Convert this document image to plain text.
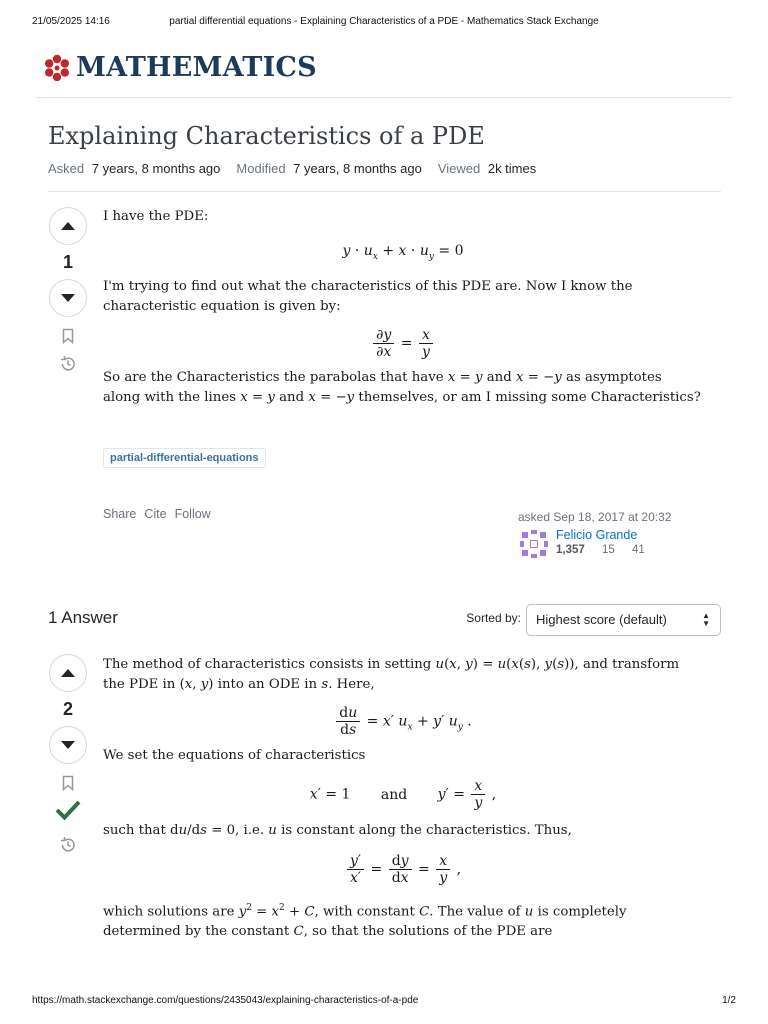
21/05/2025 14:16	partial differential equations - Explaining Characteristics of a PDE - Mathematics Stack Exchange
MATHEMATICS
Explaining Characteristics of a PDE
Asked 7 years, 8 months ago Modified 7 years, 8 months ago Viewed 2k times
1

I have the PDE:

$y \cdot u_x + x \cdot u_y = 0$

I'm trying to find out what the characteristics of this PDE are. Now I know the characteristic equation is given by:

$\frac{\partial y}{\partial x} = \frac{x}{y}$

So are the Characteristics the parabolas that have x = y and x = −y as asymptotes along with the lines x = y and x = −y themselves, or am I missing some Characteristics?

partial-differential-equations
Share Cite Follow	asked Sep 18, 2017 at 20:32
Felicio Grande
1,357 15 41
1 Answer	Sorted by:	Highest score (default)	▲
▼
2

The method of characteristics consists in setting u(x, y) = u(x(s), y(s)), and transform the PDE in (x, y) into an ODE in s. Here,

$\frac{du}{ds} = x'$ $u_x + y'$ $u_y$ .

We set the equations of characteristics

x′ = 1 and $y' = \frac{x}{y}$ ,

such that du/ds = 0, i.e. u is constant along the characteristics. Thus,

$\frac{y'}{x'} = \frac{dy}{dx} = \frac{x}{y}$ ,

which solutions are $y^2 = x^2 + C$, with constant C. The value of u is completely determined by the constant C, so that the solutions of the PDE are

https://math.stackexchange.com/questions/2435043/explaining-characteristics-of-a-pde	1/2
